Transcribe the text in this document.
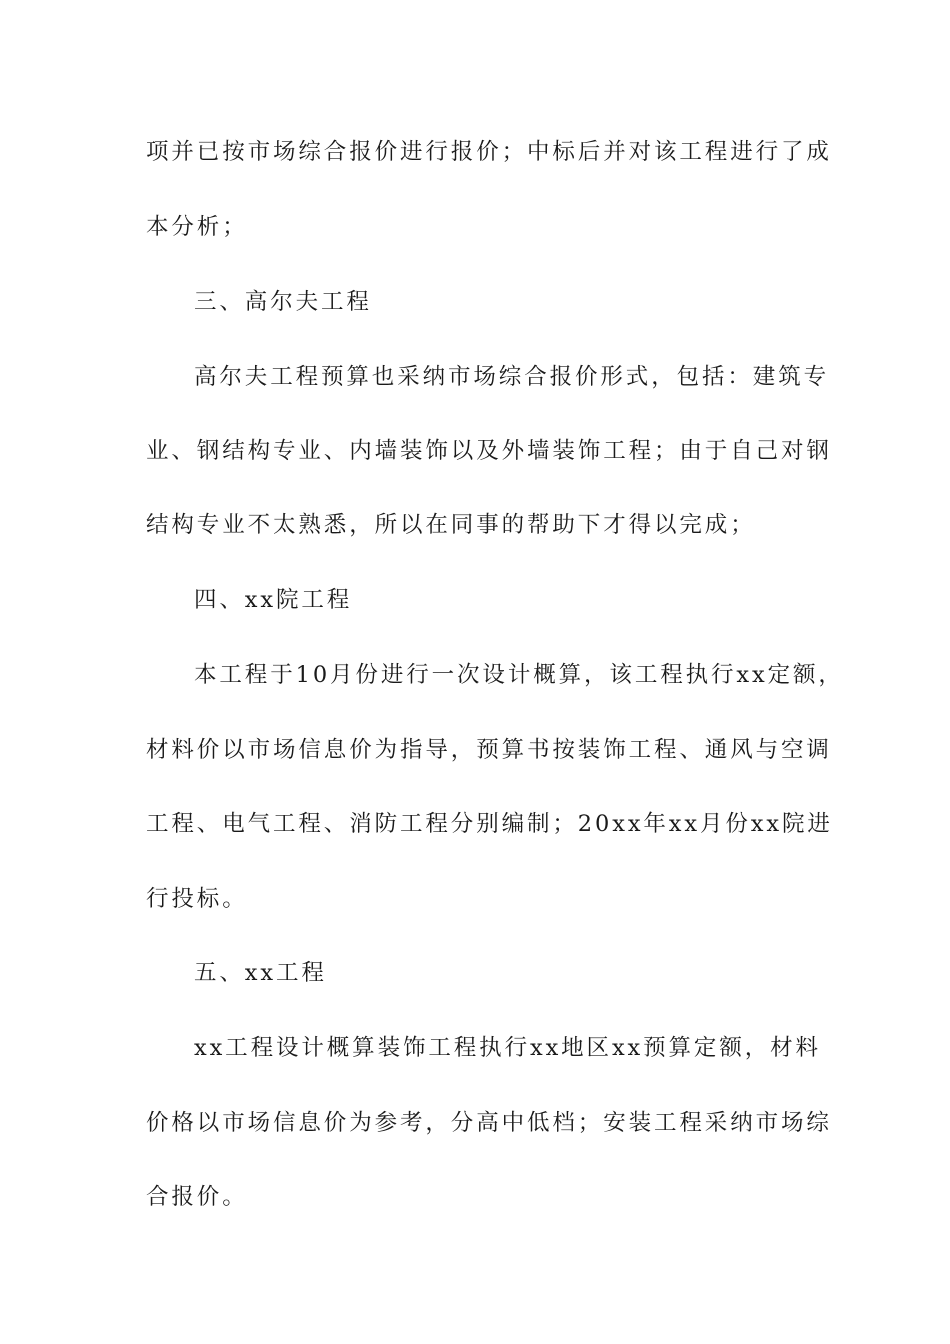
项并已按市场综合报价进行报价；中标后并对该工程进行了成
本分析；
三、高尔夫工程
高尔夫工程预算也采纳市场综合报价形式，包括：建筑专
业、钢结构专业、内墙装饰以及外墙装饰工程；由于自己对钢
结构专业不太熟悉，所以在同事的帮助下才得以完成；
四、xx院工程
本工程于10月份进行一次设计概算，该工程执行xx定额，
材料价以市场信息价为指导，预算书按装饰工程、通风与空调
工程、电气工程、消防工程分别编制；20xx年xx月份xx院进
行投标。
五、xx工程
xx工程设计概算装饰工程执行xx地区xx预算定额，材料
价格以市场信息价为参考，分高中低档；安装工程采纳市场综
合报价。
